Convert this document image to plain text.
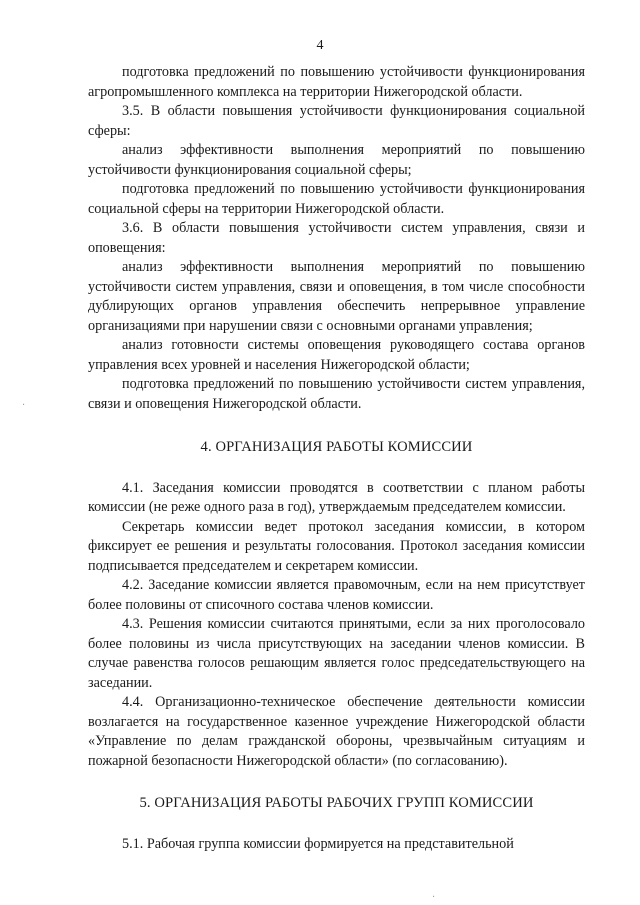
4

подготовка предложений по повышению устойчивости функционирования агропромышленного комплекса на территории Нижегородской области.

3.5. В области повышения устойчивости функционирования социальной сферы:

анализ эффективности выполнения мероприятий по повышению устойчивости функционирования социальной сферы;

подготовка предложений по повышению устойчивости функционирования социальной сферы на территории Нижегородской области.

3.6. В области повышения устойчивости систем управления, связи и оповещения:

анализ эффективности выполнения мероприятий по повышению устойчивости систем управления, связи и оповещения, в том числе способности дублирующих органов управления обеспечить непрерывное управление организациями при нарушении связи с основными органами управления;

анализ готовности системы оповещения руководящего состава органов управления всех уровней и населения Нижегородской области;

подготовка предложений по повышению устойчивости систем управления, связи и оповещения Нижегородской области.

4. ОРГАНИЗАЦИЯ РАБОТЫ КОМИССИИ

4.1. Заседания комиссии проводятся в соответствии с планом работы комиссии (не реже одного раза в год), утверждаемым председателем комиссии.

Секретарь комиссии ведет протокол заседания комиссии, в котором фиксирует ее решения и результаты голосования. Протокол заседания комиссии подписывается председателем и секретарем комиссии.

4.2. Заседание комиссии является правомочным, если на нем присутствует более половины от списочного состава членов комиссии.

4.3. Решения комиссии считаются принятыми, если за них проголосовало более половины из числа присутствующих на заседании членов комиссии. В случае равенства голосов решающим является голос председательствующего на заседании.

4.4. Организационно-техническое обеспечение деятельности комиссии возлагается на государственное казенное учреждение Нижегородской области «Управление по делам гражданской обороны, чрезвычайным ситуациям и пожарной безопасности Нижегородской области» (по согласованию).

5. ОРГАНИЗАЦИЯ РАБОТЫ РАБОЧИХ ГРУПП КОМИССИИ

5.1. Рабочая группа комиссии формируется на представительной

·
·
